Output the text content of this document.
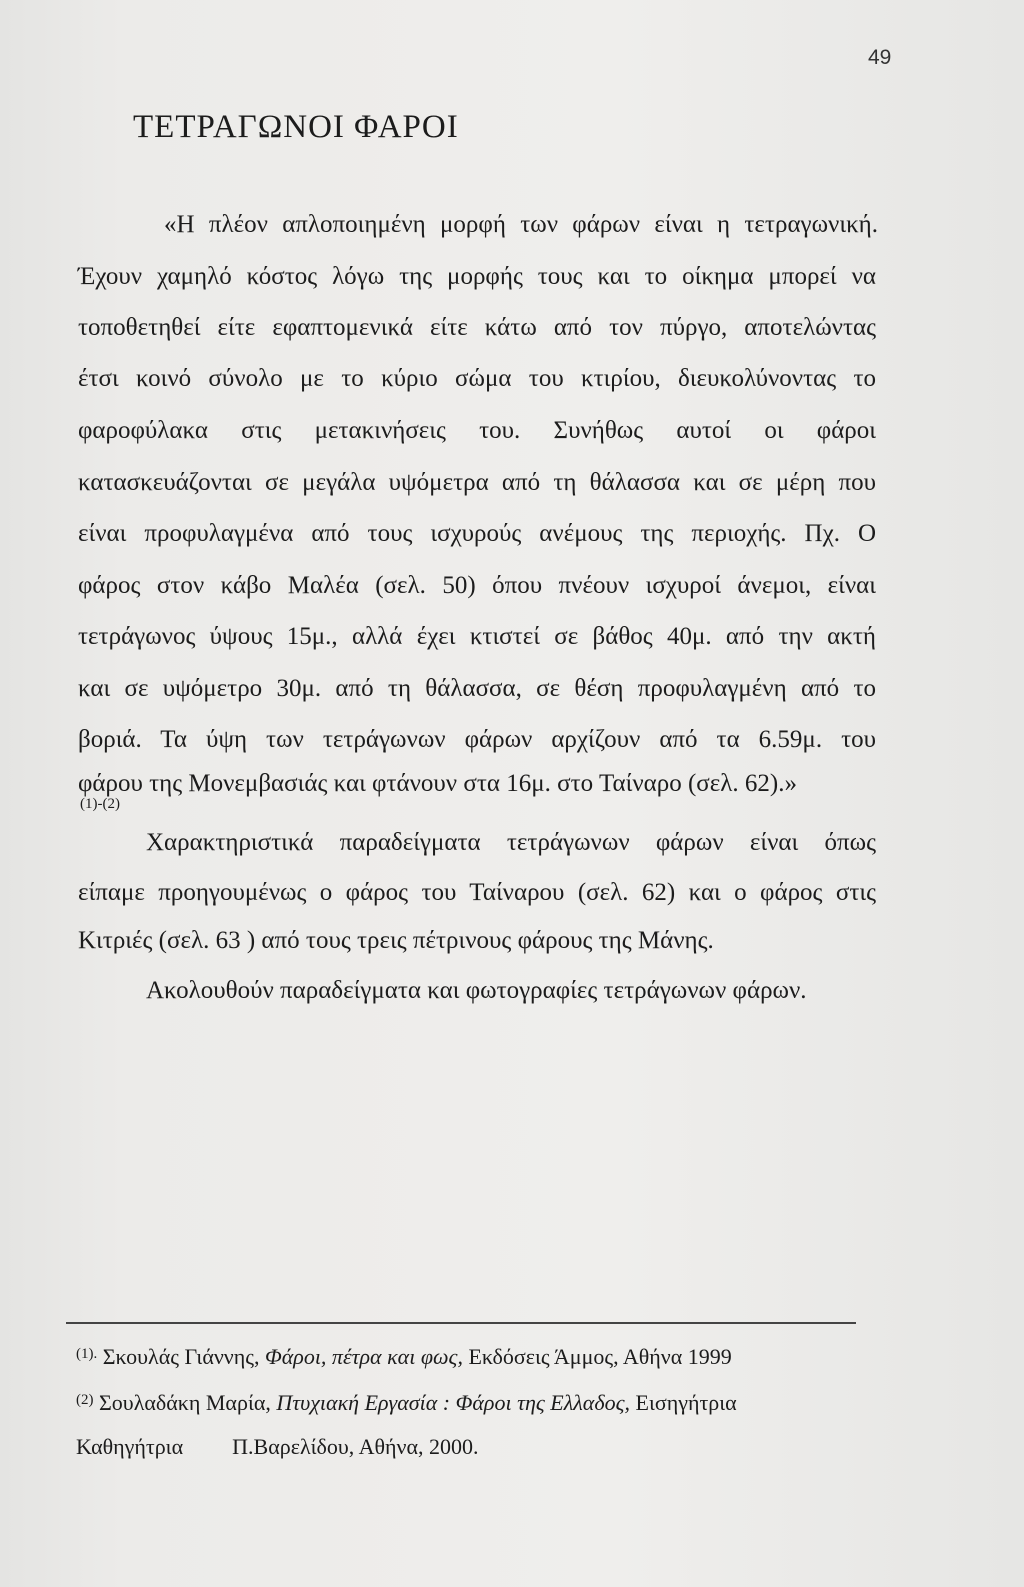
49
ΤΕΤΡΑΓΩΝΟΙ ΦΑΡΟΙ
«Η πλέον απλοποιημένη μορφή των φάρων είναι η τετραγωνική.
Έχουν χαμηλό κόστος λόγω της μορφής τους και το οίκημα μπορεί να
τοποθετηθεί είτε εφαπτομενικά είτε κάτω από τον πύργο, αποτελώντας
έτσι κοινό σύνολο με το κύριο σώμα του κτιρίου, διευκολύνοντας το
φαροφύλακα στις μετακινήσεις του. Συνήθως αυτοί οι φάροι
κατασκευάζονται σε μεγάλα υψόμετρα από τη θάλασσα και σε μέρη που
είναι προφυλαγμένα από τους ισχυρούς ανέμους της περιοχής. Πχ. Ο
φάρος στον κάβο Μαλέα (σελ. 50) όπου πνέουν ισχυροί άνεμοι, είναι
τετράγωνος ύψους 15μ., αλλά έχει κτιστεί σε βάθος 40μ. από την ακτή
και σε υψόμετρο 30μ. από τη θάλασσα, σε θέση προφυλαγμένη από το
βοριά. Τα ύψη των τετράγωνων φάρων αρχίζουν από τα 6.59μ. του
φάρου της Μονεμβασιάς και φτάνουν στα 16μ. στο Ταίναρο (σελ. 62).»
(1)-(2)
Χαρακτηριστικά παραδείγματα τετράγωνων φάρων είναι όπως
είπαμε προηγουμένως ο φάρος του Ταίναρου (σελ. 62) και ο φάρος στις
Κιτριές (σελ. 63 ) από τους τρεις πέτρινους φάρους της Μάνης.
Ακολουθούν παραδείγματα και φωτογραφίες τετράγωνων φάρων.
$^{(1).}$ Σκουλάς Γιάννης, Φάροι, πέτρα και φως, Εκδόσεις Άμμος, Αθήνα 1999
$^{(2)}$ Σουλαδάκη Μαρία, Πτυχιακή Εργασία : Φάροι της Ελλαδος, Εισηγήτρια
Καθηγήτρια Π.Βαρελίδου, Αθήνα, 2000.
